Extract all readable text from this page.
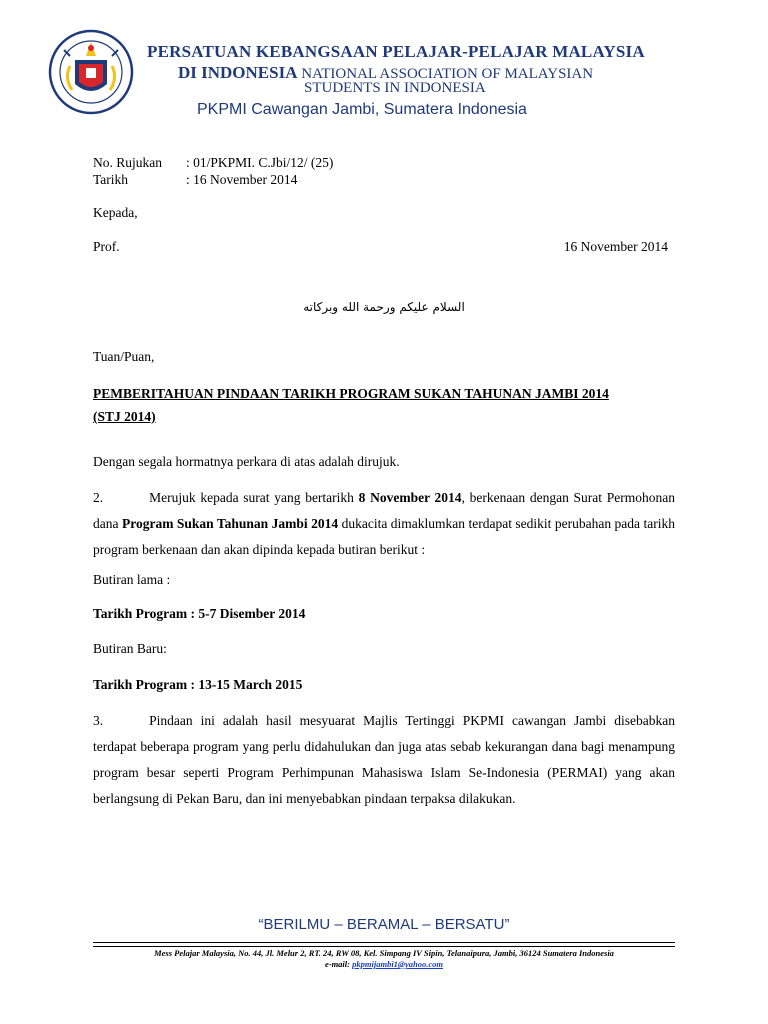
PERSATUAN KEBANGSAAN PELAJAR-PELAJAR MALAYSIA
DI INDONESIA NATIONAL ASSOCIATION OF MALAYSIAN
STUDENTS IN INDONESIA
PKPMI Cawangan Jambi, Sumatera Indonesia
No. Rujukan : 01/PKPMI. C.Jbi/12/ (25)
Tarikh	: 16 November 2014
Kepada,
Prof.	16 November 2014
السلام عليكم ورحمة الله وبركاته
Tuan/Puan,
PEMBERITAHUAN PINDAAN TARIKH PROGRAM SUKAN TAHUNAN JAMBI 2014
(STJ 2014)
Dengan segala hormatnya perkara di atas adalah dirujuk.
2.	Merujuk kepada surat yang bertarikh 8 November 2014, berkenaan dengan Surat Permohonan dana Program Sukan Tahunan Jambi 2014 dukacita dimaklumkan terdapat sedikit perubahan pada tarikh program berkenaan dan akan dipinda kepada butiran berikut :
Butiran lama :
Tarikh Program : 5-7 Disember 2014
Butiran Baru:
Tarikh Program : 13-15 March 2015
3.	Pindaan ini adalah hasil mesyuarat Majlis Tertinggi PKPMI cawangan Jambi disebabkan terdapat beberapa program yang perlu didahulukan dan juga atas sebab kekurangan dana bagi menampung program besar seperti Program Perhimpunan Mahasiswa Islam Se-Indonesia (PERMAI) yang akan berlangsung di Pekan Baru, dan ini menyebabkan pindaan terpaksa dilakukan.
“BERILMU – BERAMAL – BERSATU”
Mess Pelajar Malaysia, No. 44, Jl. Melur 2, RT. 24, RW 08, Kel. Simpang IV Sipin, Telanaipura, Jambi, 36124 Sumatera Indonesia
e-mail: pkpmijambi1@yahoo.com
